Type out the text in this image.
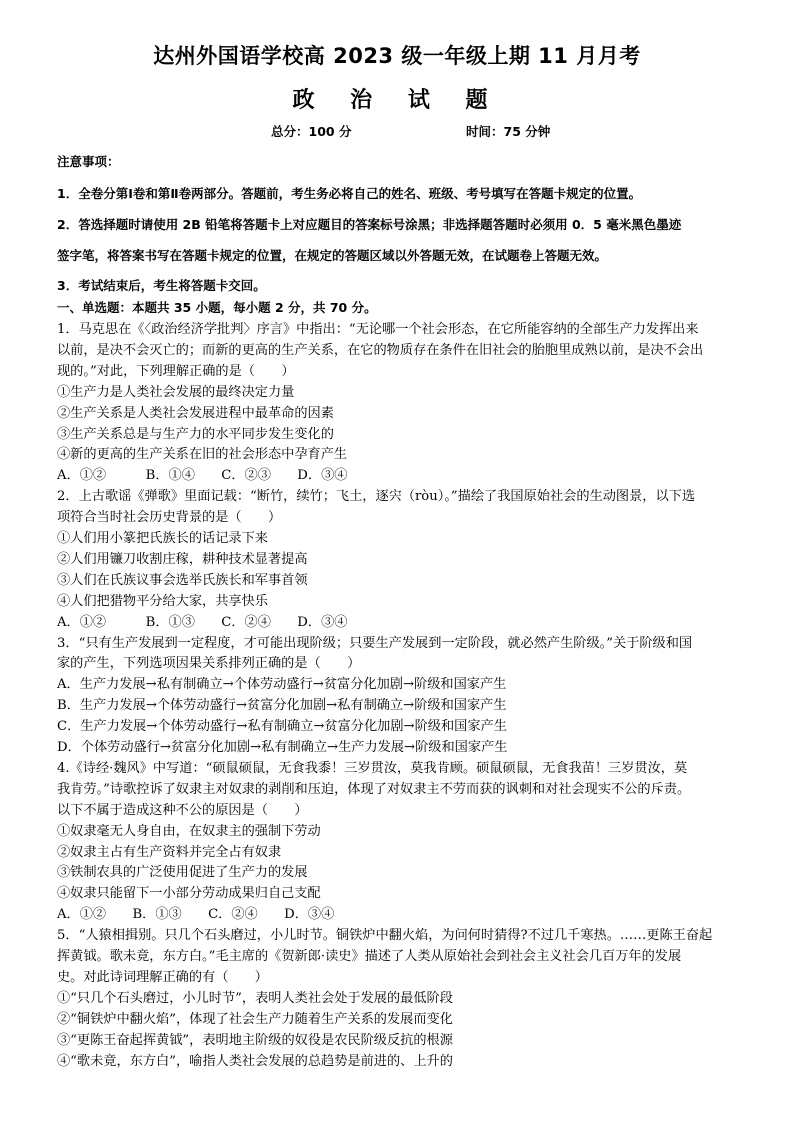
达州外国语学校高 2023 级一年级上期 11 月月考
政 治 试 题
总分：100 分	时间：75 分钟
注意事项：
1．全卷分第Ⅰ卷和第Ⅱ卷两部分。答题前，考生务必将自己的姓名、班级、考号填写在答题卡规定的位置。
2．答选择题时请使用 2B 铅笔将答题卡上对应题目的答案标号涂黑；非选择题答题时必须用 0．5 毫米黑色墨迹
签字笔，将答案书写在答题卡规定的位置，在规定的答题区域以外答题无效，在试题卷上答题无效。
3．考试结束后，考生将答题卡交回。
一、单选题：本题共 35 小题，每小题 2 分，共 70 分。
1．马克思在《〈政治经济学批判〉序言》中指出：“无论哪一个社会形态，在它所能容纳的全部生产力发挥出来
以前，是决不会灭亡的；而新的更高的生产关系，在它的物质存在条件在旧社会的胎胞里成熟以前，是决不会出
现的。”对此，下列理解正确的是（　　）
①生产力是人类社会发展的最终决定力量
②生产关系是人类社会发展进程中最革命的因素
③生产关系总是与生产力的水平同步发生变化的
④新的更高的生产关系在旧的社会形态中孕育产生
A．①②　　　B．①④　　C．②③　　D．③④
2．上古歌谣《弹歌》里面记载：“断竹，续竹；飞土，逐宍（ròu）。”描绘了我国原始社会的生动图景，以下选
项符合当时社会历史背景的是（　　）
①人们用小篆把氏族长的话记录下来
②人们用镰刀收割庄稼，耕种技术显著提高
③人们在氏族议事会选举氏族长和军事首领
④人们把猎物平分给大家，共享快乐
A．①②　　　B．①③　　C．②④　　D．③④
3．“只有生产发展到一定程度，才可能出现阶级；只要生产发展到一定阶段，就必然产生阶级。”关于阶级和国
家的产生，下列选项因果关系排列正确的是（　　）
A．生产力发展→私有制确立→个体劳动盛行→贫富分化加剧→阶级和国家产生
B．生产力发展→个体劳动盛行→贫富分化加剧→私有制确立→阶级和国家产生
C．生产力发展→个体劳动盛行→私有制确立→贫富分化加剧→阶级和国家产生
D．个体劳动盛行→贫富分化加剧→私有制确立→生产力发展→阶级和国家产生
4.《诗经·魏风》中写道：“硕鼠硕鼠，无食我黍！三岁贯汝，莫我肯顾。硕鼠硕鼠，无食我苗！三岁贯汝，莫
我肯劳。”诗歌控诉了奴隶主对奴隶的剥削和压迫，体现了对奴隶主不劳而获的讽刺和对社会现实不公的斥责。
以下不属于造成这种不公的原因是（　　）
①奴隶毫无人身自由，在奴隶主的强制下劳动
②奴隶主占有生产资料并完全占有奴隶
③铁制农具的广泛使用促进了生产力的发展
④奴隶只能留下一小部分劳动成果归自己支配
A．①②　　B．①③　　C．②④　　D．③④
5．“人猿相揖别。只几个石头磨过，小儿时节。铜铁炉中翻火焰，为问何时猜得?不过几千寒热。……更陈王奋起
挥黄钺。歌未竟，东方白。”毛主席的《贺新郎·读史》描述了人类从原始社会到社会主义社会几百万年的发展
史。对此诗词理解正确的有（　　）
①“只几个石头磨过，小儿时节”，表明人类社会处于发展的最低阶段
②“铜铁炉中翻火焰”，体现了社会生产力随着生产关系的发展而变化
③“更陈王奋起挥黄钺”，表明地主阶级的奴役是农民阶级反抗的根源
④“歌未竟，东方白”，喻指人类社会发展的总趋势是前进的、上升的
